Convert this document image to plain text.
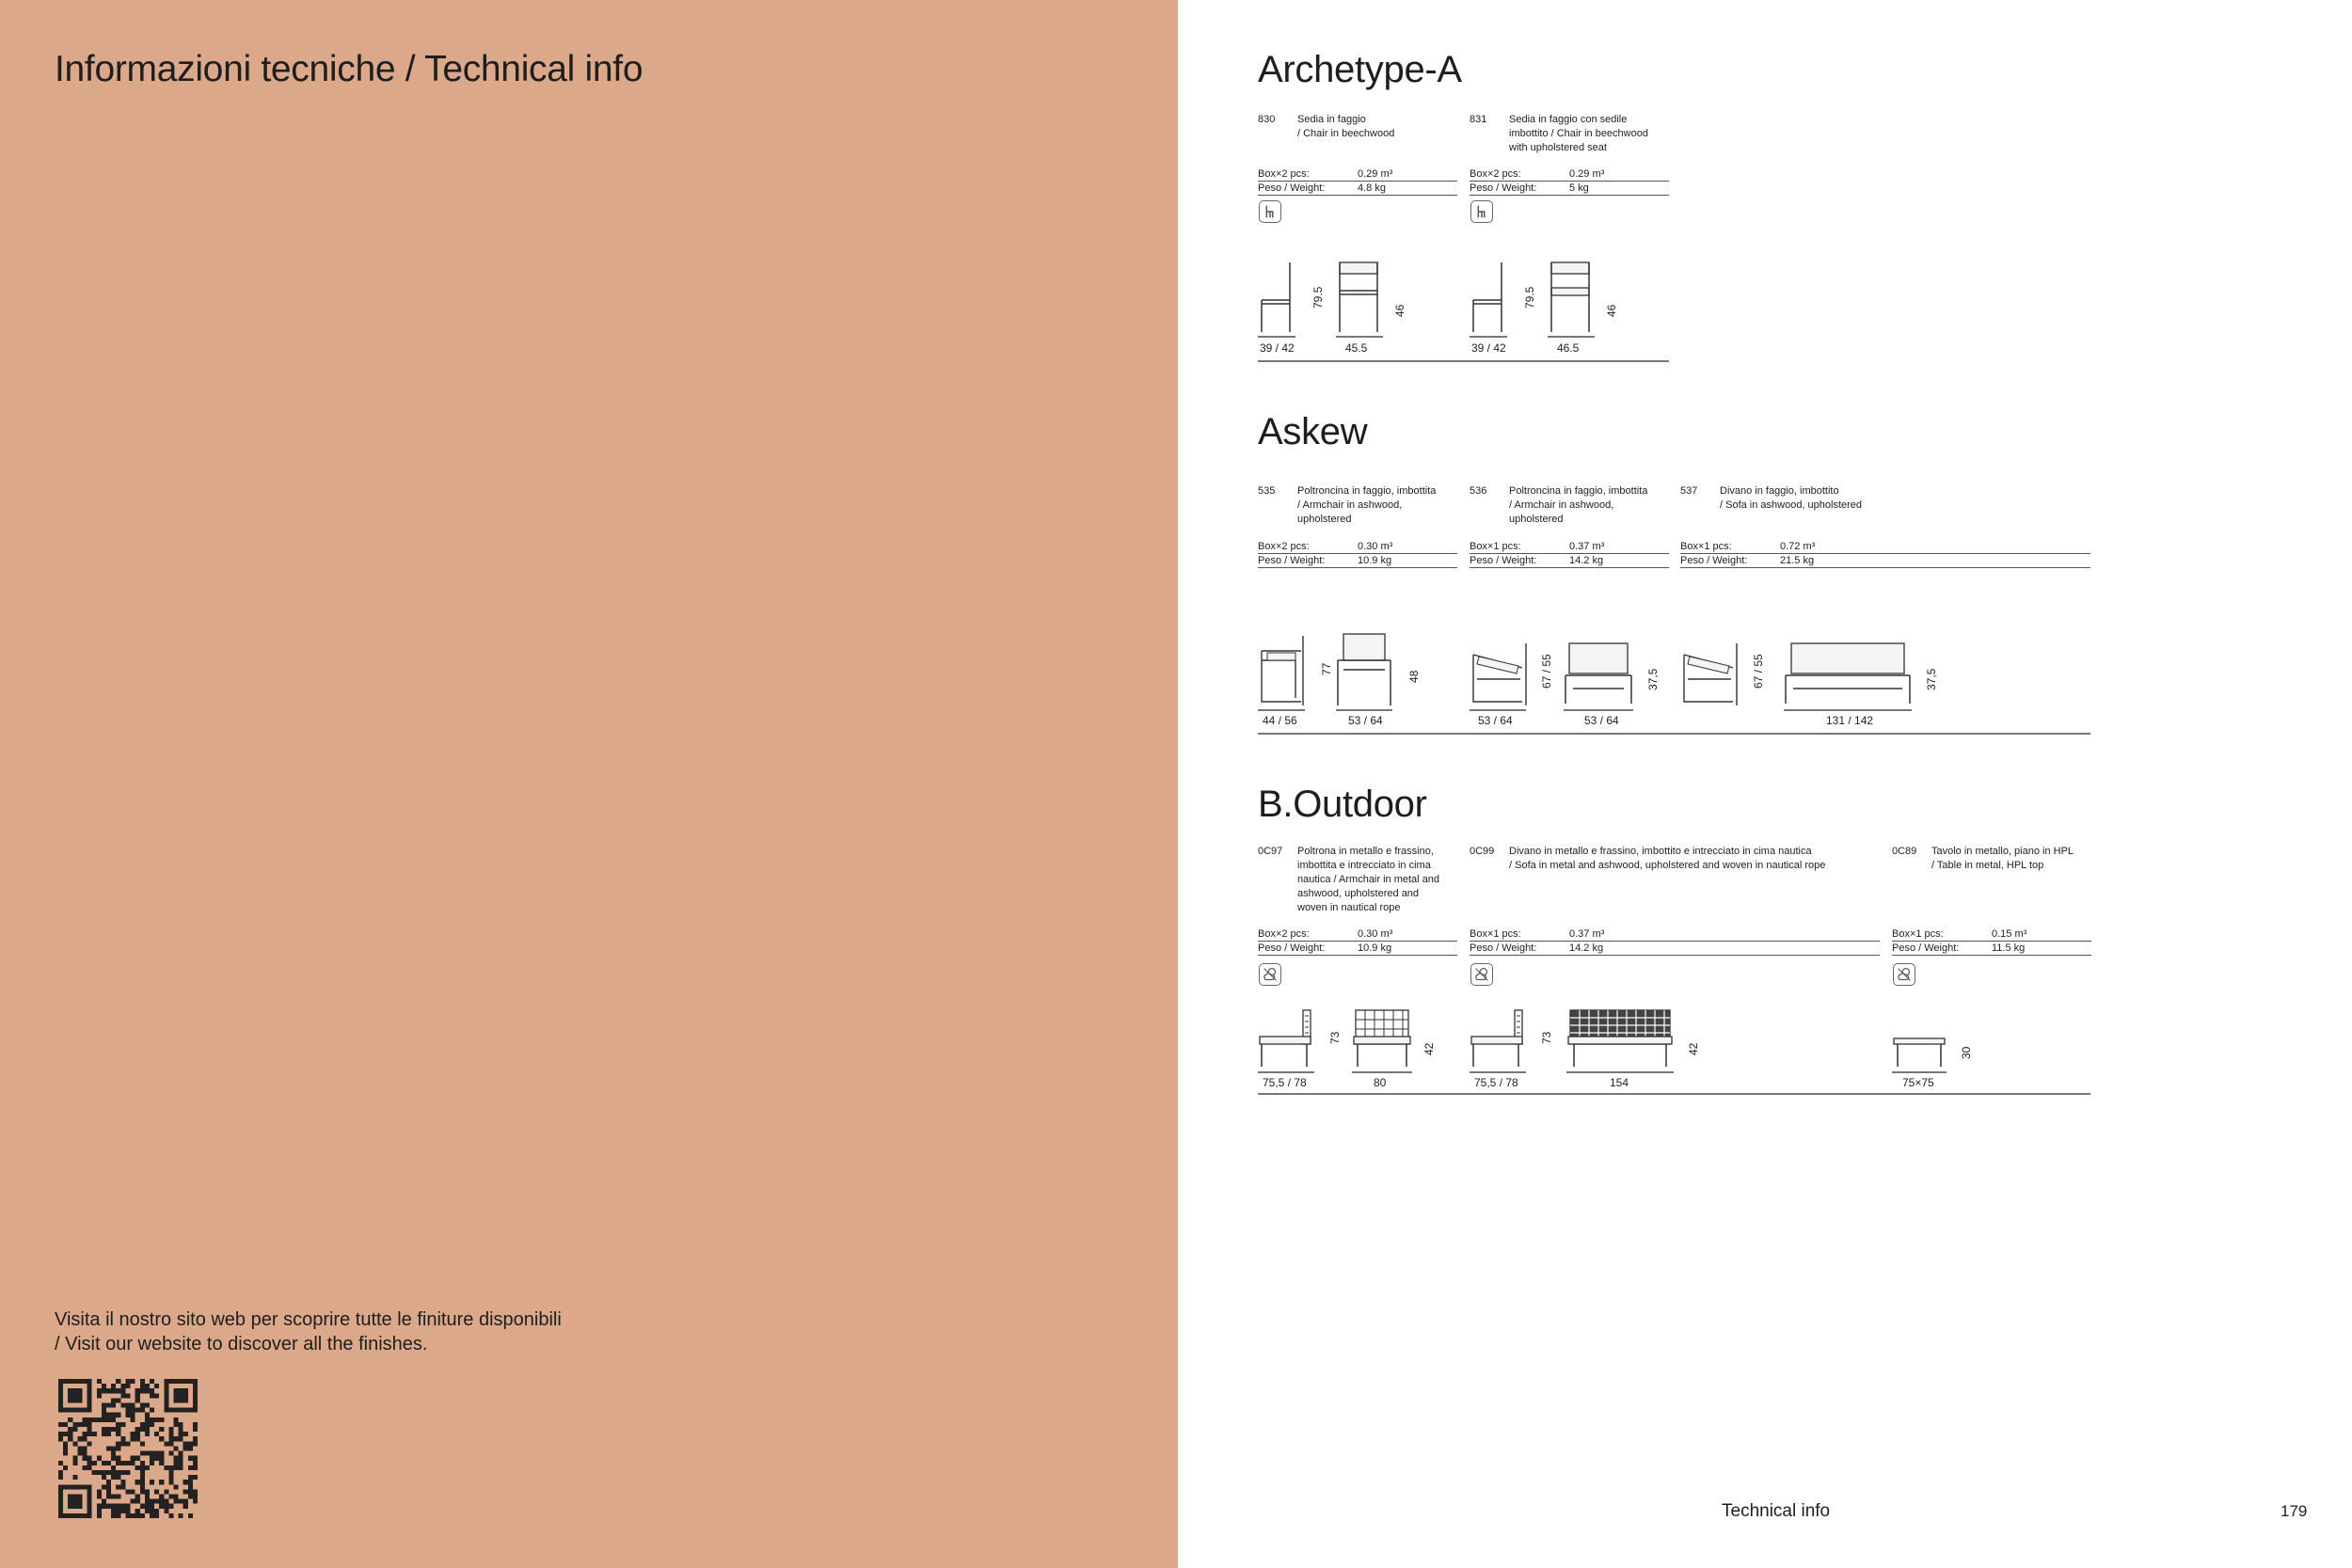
Informazioni tecniche / Technical info
Visita il nostro sito web per scoprire tutte le finiture disponibili
/ Visit our website to discover all the finishes.
Archetype-A
830 Sedia in faggio
/ Chair in beechwood
831 Sedia in faggio con sedile
imbottito / Chair in beechwood
with upholstered seat
Box×2 pcs:	0.29 m³
Peso / Weight:	4.8 kg
Box×2 pcs:	0.29 m³
Peso / Weight:	5 kg
79.5
46
39 / 42	45.5
79.5
46
39 / 42	46.5
Askew
535 Poltroncina in faggio, imbottita
/ Armchair in ashwood,
upholstered
536 Poltroncina in faggio, imbottita
/ Armchair in ashwood,
upholstered
537 Divano in faggio, imbottito
/ Sofa in ashwood, upholstered
Box×2 pcs:	0.30 m³
Peso / Weight:	10.9 kg
Box×1 pcs:	0.37 m³
Peso / Weight:	14.2 kg
Box×1 pcs:	0.72 m³
Peso / Weight:	21.5 kg
77
48
44 / 56	53 / 64
67 / 55	37,5
53 / 64	53 / 64
67 / 55	37,5
131 / 142
B.Outdoor
0C97 Poltrona in metallo e frassino,
imbottita e intrecciato in cima
nautica / Armchair in metal and
ashwood, upholstered and
woven in nautical rope
0C99 Divano in metallo e frassino, imbottito e intrecciato in cima nautica
/ Sofa in metal and ashwood, upholstered and woven in nautical rope
0C89 Tavolo in metallo, piano in HPL
/ Table in metal, HPL top
Box×2 pcs:	0.30 m³
Peso / Weight:	10.9 kg
Box×1 pcs:	0.37 m³
Peso / Weight:	14.2 kg
Box×1 pcs:	0.15 m³
Peso / Weight:	11.5 kg
73
42
75,5 / 78	80
73
42
75,5 / 78	154
30
75×75
Technical info	179
